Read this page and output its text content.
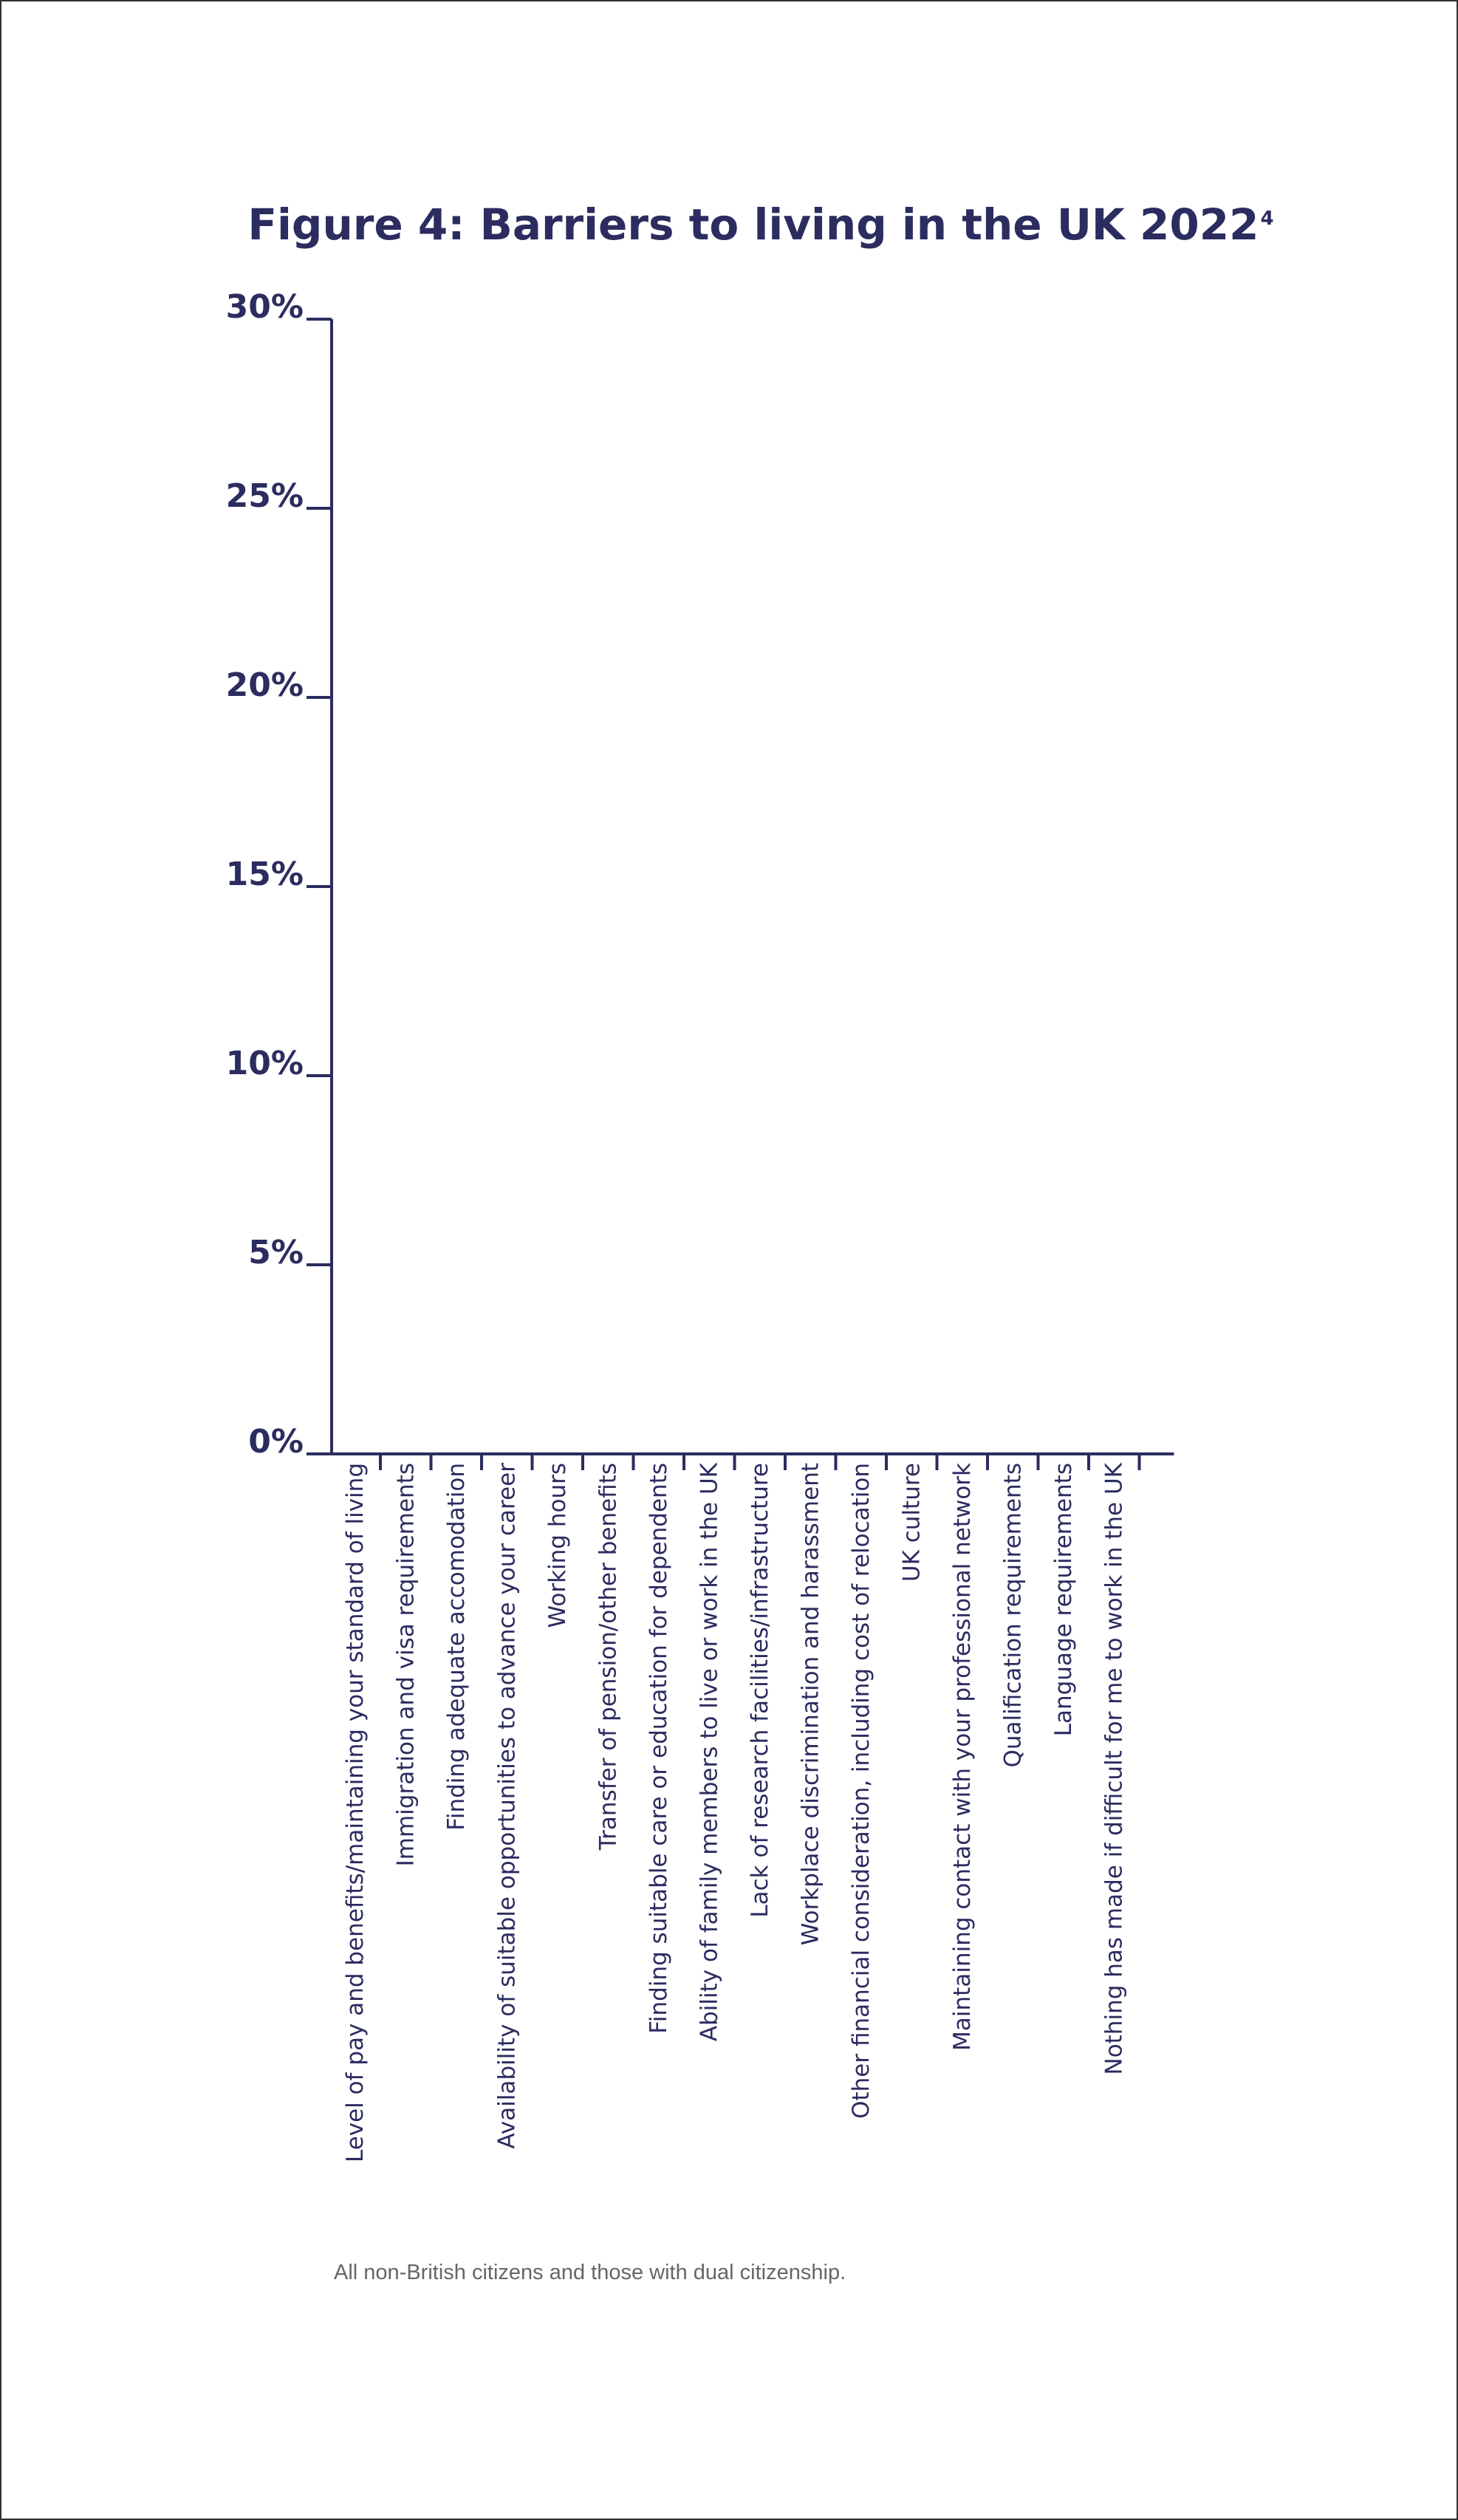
Figure 4: Barriers to living in the UK 2022$^4$
0%
5%
10%
15%
20%
25%
30%
Level of pay and benefits/maintaining your standard of living Immigration and visa requirements Finding adequate accomodation Availability of suitable opportunities to advance your career Working hours Transfer of pension/other benefits Finding suitable care or education for dependents Ability of family members to live or work in the UK Lack of research facilities/infrastructure Workplace discrimination and harassment Other financial consideration, including cost of relocation UK culture Maintaining contact with your professional network Qualification requirements Language requirements Nothing has made if difficult for me to work in the UK
All non-British citizens and those with dual citizenship.
